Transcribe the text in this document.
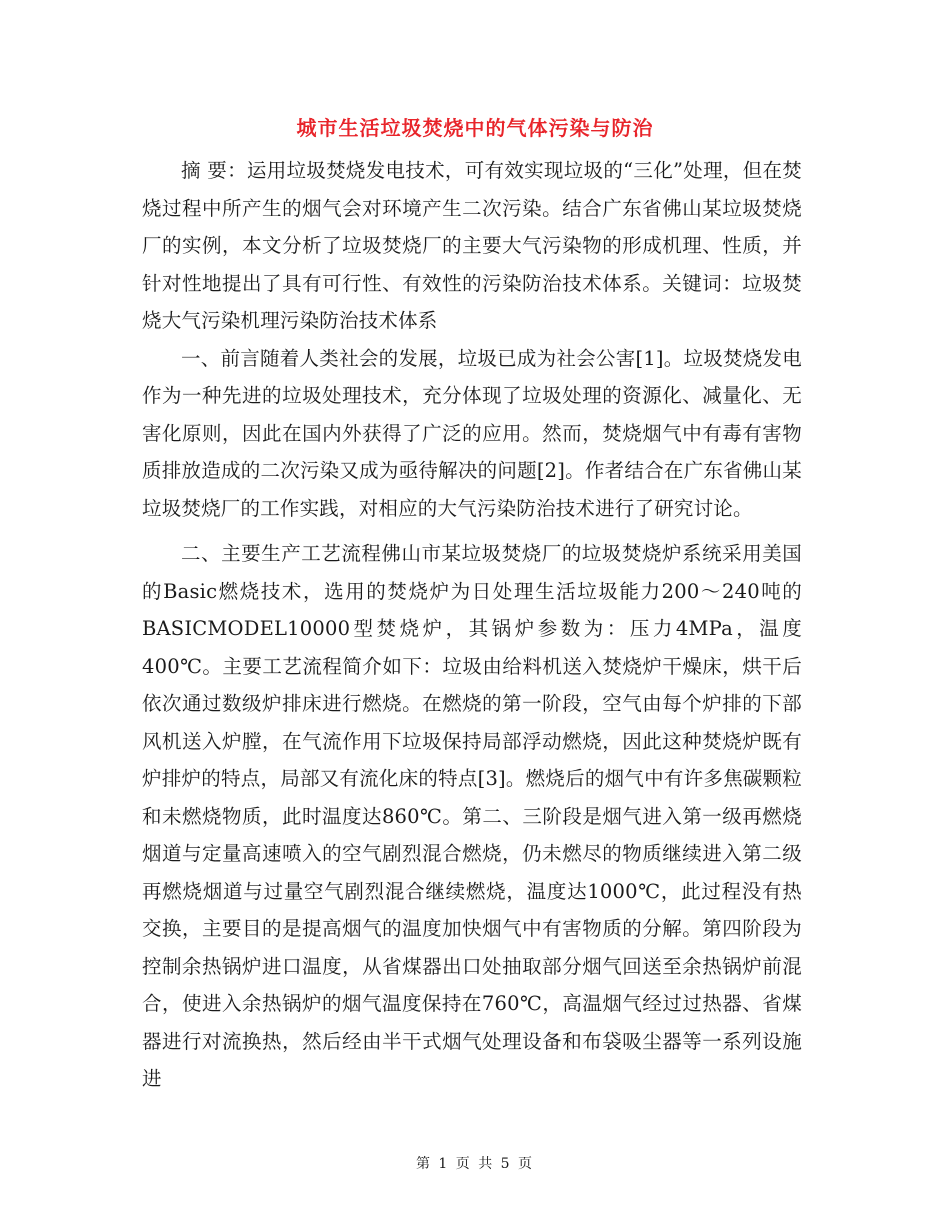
城市生活垃圾焚烧中的气体污染与防治

摘 要：运用垃圾焚烧发电技术，可有效实现垃圾的“三化”处理，但在焚烧过程中所产生的烟气会对环境产生二次污染。结合广东省佛山某垃圾焚烧厂的实例，本文分析了垃圾焚烧厂的主要大气污染物的形成机理、性质，并针对性地提出了具有可行性、有效性的污染防治技术体系。关键词：垃圾焚烧大气污染机理污染防治技术体系

一、前言随着人类社会的发展，垃圾已成为社会公害[1]。垃圾焚烧发电作为一种先进的垃圾处理技术，充分体现了垃圾处理的资源化、减量化、无害化原则，因此在国内外获得了广泛的应用。然而，焚烧烟气中有毒有害物质排放造成的二次污染又成为亟待解决的问题[2]。作者结合在广东省佛山某垃圾焚烧厂的工作实践，对相应的大气污染防治技术进行了研究讨论。

二、主要生产工艺流程佛山市某垃圾焚烧厂的垃圾焚烧炉系统采用美国的Basic燃烧技术，选用的焚烧炉为日处理生活垃圾能力200～240吨的BASICMODEL10000型焚烧炉，其锅炉参数为：压力4MPa，温度400℃。主要工艺流程简介如下：垃圾由给料机送入焚烧炉干燥床，烘干后依次通过数级炉排床进行燃烧。在燃烧的第一阶段，空气由每个炉排的下部风机送入炉膛，在气流作用下垃圾保持局部浮动燃烧，因此这种焚烧炉既有炉排炉的特点，局部又有流化床的特点[3]。燃烧后的烟气中有许多焦碳颗粒和未燃烧物质，此时温度达860℃。第二、三阶段是烟气进入第一级再燃烧烟道与定量高速喷入的空气剧烈混合燃烧，仍未燃尽的物质继续进入第二级再燃烧烟道与过量空气剧烈混合继续燃烧，温度达1000℃，此过程没有热交换，主要目的是提高烟气的温度加快烟气中有害物质的分解。第四阶段为控制余热锅炉进口温度，从省煤器出口处抽取部分烟气回送至余热锅炉前混合，使进入余热锅炉的烟气温度保持在760℃，高温烟气经过过热器、省煤器进行对流换热，然后经由半干式烟气处理设备和布袋吸尘器等一系列设施进

第 1 页 共 5 页
